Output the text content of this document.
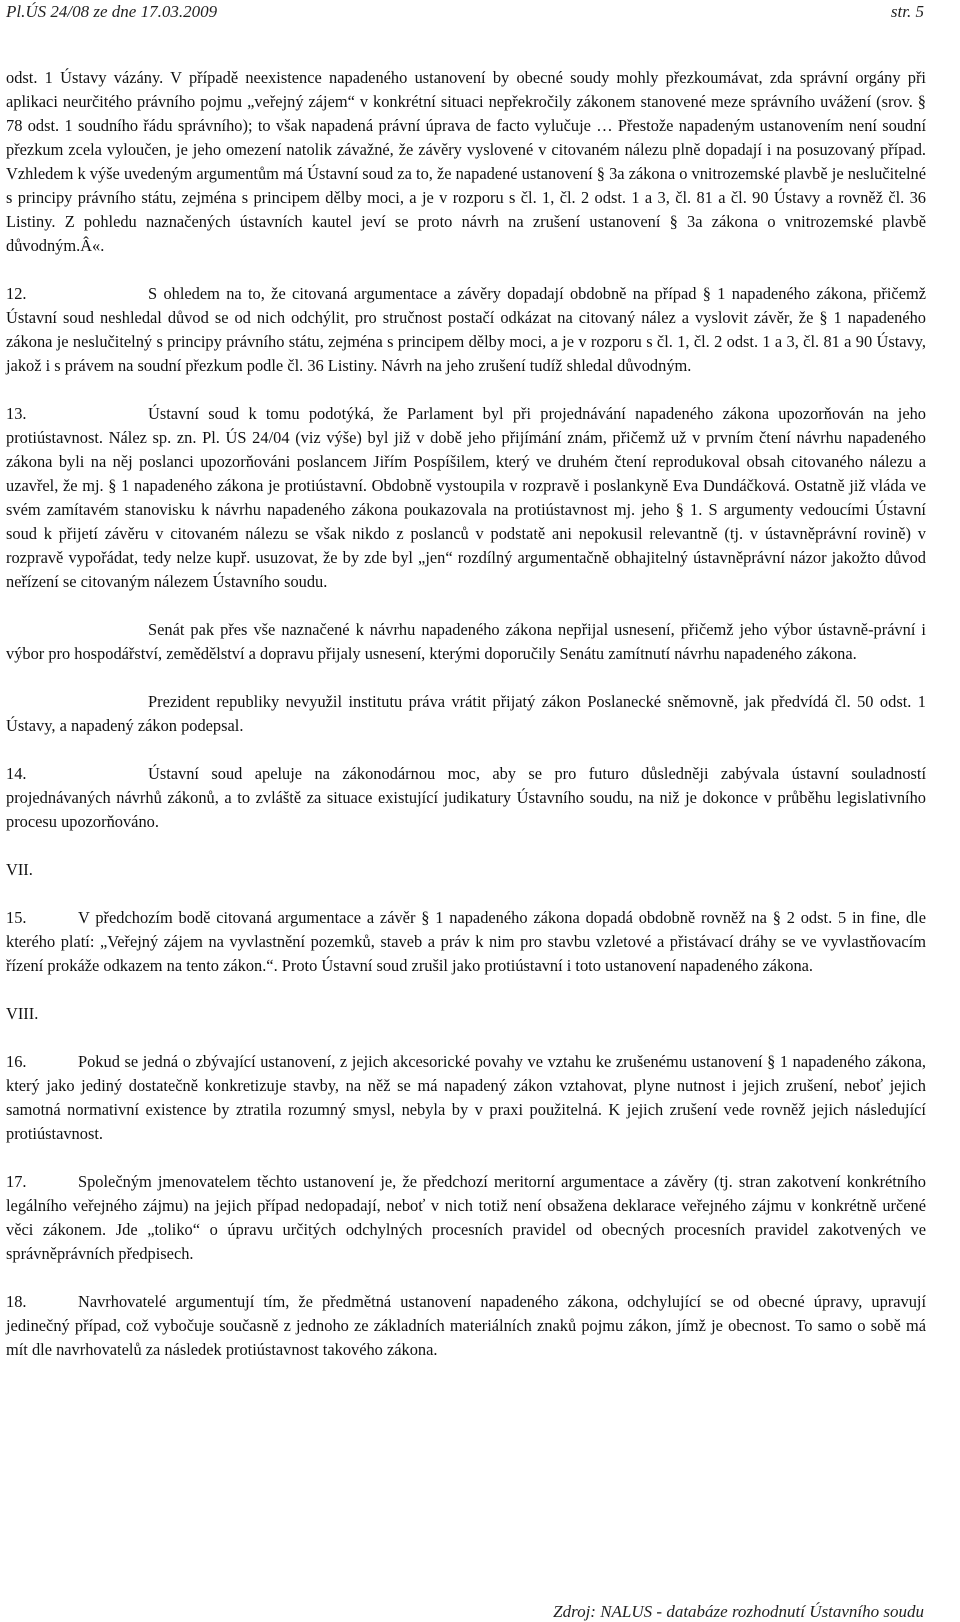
Pl.ÚS 24/08 ze dne 17.03.2009	str. 5

odst. 1 Ústavy vázány. V případě neexistence napadeného ustanovení by obecné soudy mohly přezkoumávat, zda správní orgány při aplikaci neurčitého právního pojmu „veřejný zájem“ v konkrétní situaci nepřekročily zákonem stanovené meze správního uvážení (srov. § 78 odst. 1 soudního řádu správního); to však napadená právní úprava de facto vylučuje … Přestože napadeným ustanovením není soudní přezkum zcela vyloučen, je jeho omezení natolik závažné, že závěry vyslovené v citovaném nálezu plně dopadají i na posuzovaný případ. Vzhledem k výše uvedeným argumentům má Ústavní soud za to, že napadené ustanovení § 3a zákona o vnitrozemské plavbě je neslučitelné s principy právního státu, zejména s principem dělby moci, a je v rozporu s čl. 1, čl. 2 odst. 1 a 3, čl. 81 a čl. 90 Ústavy a rovněž čl. 36 Listiny. Z pohledu naznačených ústavních kautel jeví se proto návrh na zrušení ustanovení § 3a zákona o vnitrozemské plavbě důvodným.Â«.

12.	S ohledem na to, že citovaná argumentace a závěry dopadají obdobně na případ § 1 napadeného zákona, přičemž Ústavní soud neshledal důvod se od nich odchýlit, pro stručnost postačí odkázat na citovaný nález a vyslovit závěr, že § 1 napadeného zákona je neslučitelný s principy právního státu, zejména s principem dělby moci, a je v rozporu s čl. 1, čl. 2 odst. 1 a 3, čl. 81 a 90 Ústavy, jakož i s právem na soudní přezkum podle čl. 36 Listiny. Návrh na jeho zrušení tudíž shledal důvodným.

13.	Ústavní soud k tomu podotýká, že Parlament byl při projednávání napadeného zákona upozorňován na jeho protiústavnost. Nález sp. zn. Pl. ÚS 24/04 (viz výše) byl již v době jeho přijímání znám, přičemž už v prvním čtení návrhu napadeného zákona byli na něj poslanci upozorňováni poslancem Jiřím Pospíšilem, který ve druhém čtení reprodukoval obsah citovaného nálezu a uzavřel, že mj. § 1 napadeného zákona je protiústavní. Obdobně vystoupila v rozpravě i poslankyně Eva Dundáčková. Ostatně již vláda ve svém zamítavém stanovisku k návrhu napadeného zákona poukazovala na protiústavnost mj. jeho § 1. S argumenty vedoucími Ústavní soud k přijetí závěru v citovaném nálezu se však nikdo z poslanců v podstatě ani nepokusil relevantně (tj. v ústavněprávní rovině) v rozpravě vypořádat, tedy nelze kupř. usuzovat, že by zde byl „jen“ rozdílný argumentačně obhajitelný ústavněprávní názor jakožto důvod neřízení se citovaným nálezem Ústavního soudu.

Senát pak přes vše naznačené k návrhu napadeného zákona nepřijal usnesení, přičemž jeho výbor ústavně-právní i výbor pro hospodářství, zemědělství a dopravu přijaly usnesení, kterými doporučily Senátu zamítnutí návrhu napadeného zákona.

Prezident republiky nevyužil institutu práva vrátit přijatý zákon Poslanecké sněmovně, jak předvídá čl. 50 odst. 1 Ústavy, a napadený zákon podepsal.

14.	Ústavní soud apeluje na zákonodárnou moc, aby se pro futuro důsledněji zabývala ústavní souladností projednávaných návrhů zákonů, a to zvláště za situace existující judikatury Ústavního soudu, na niž je dokonce v průběhu legislativního procesu upozorňováno.

VII.

15.	V předchozím bodě citovaná argumentace a závěr § 1 napadeného zákona dopadá obdobně rovněž na § 2 odst. 5 in fine, dle kterého platí: „Veřejný zájem na vyvlastnění pozemků, staveb a práv k nim pro stavbu vzletové a přistávací dráhy se ve vyvlastňovacím řízení prokáže odkazem na tento zákon.“. Proto Ústavní soud zrušil jako protiústavní i toto ustanovení napadeného zákona.

VIII.

16.	Pokud se jedná o zbývající ustanovení, z jejich akcesorické povahy ve vztahu ke zrušenému ustanovení § 1 napadeného zákona, který jako jediný dostatečně konkretizuje stavby, na něž se má napadený zákon vztahovat, plyne nutnost i jejich zrušení, neboť jejich samotná normativní existence by ztratila rozumný smysl, nebyla by v praxi použitelná. K jejich zrušení vede rovněž jejich následující protiústavnost.

17.	Společným jmenovatelem těchto ustanovení je, že předchozí meritorní argumentace a závěry (tj. stran zakotvení konkrétního legálního veřejného zájmu) na jejich případ nedopadají, neboť v nich totiž není obsažena deklarace veřejného zájmu v konkrétně určené věci zákonem. Jde „toliko“ o úpravu určitých odchylných procesních pravidel od obecných procesních pravidel zakotvených ve správněprávních předpisech.

18.	Navrhovatelé argumentují tím, že předmětná ustanovení napadeného zákona, odchylující se od obecné úpravy, upravují jedinečný případ, což vybočuje současně z jednoho ze základních materiálních znaků pojmu zákon, jímž je obecnost. To samo o sobě má mít dle navrhovatelů za následek protiústavnost takového zákona.

Zdroj: NALUS - databáze rozhodnutí Ústavního soudu
